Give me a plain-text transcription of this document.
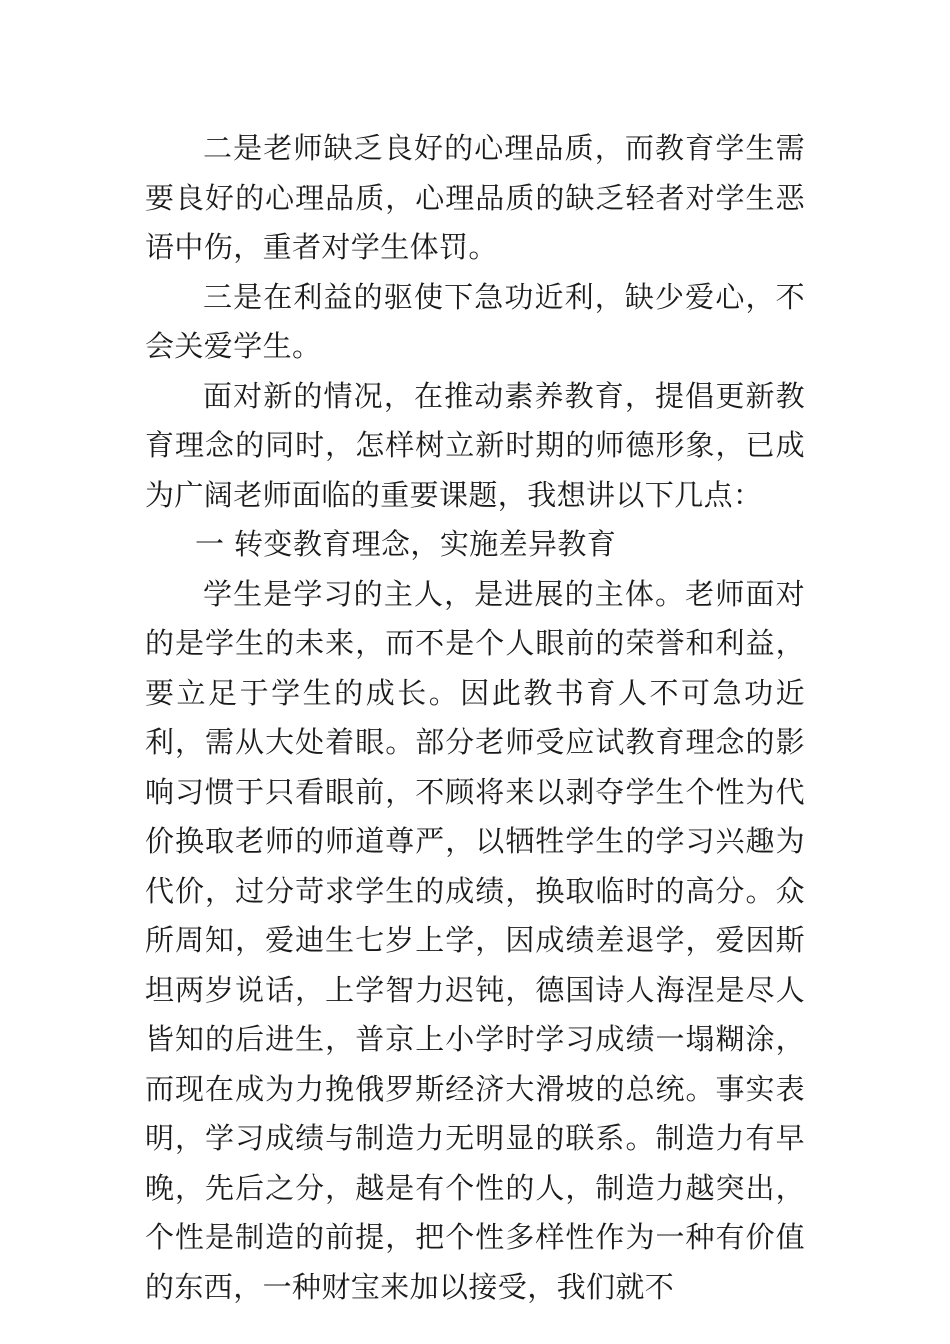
二是老师缺乏良好的心理品质，而教育学生需要良好的心理品质，心理品质的缺乏轻者对学生恶语中伤，重者对学生体罚。

三是在利益的驱使下急功近利，缺少爱心，不会关爱学生。

面对新的情况，在推动素养教育，提倡更新教育理念的同时，怎样树立新时期的师德形象，已成为广阔老师面临的重要课题，我想讲以下几点：

一 转变教育理念，实施差异教育

学生是学习的主人，是进展的主体。老师面对的是学生的未来，而不是个人眼前的荣誉和利益，要立足于学生的成长。因此教书育人不可急功近利，需从大处着眼。部分老师受应试教育理念的影响习惯于只看眼前，不顾将来以剥夺学生个性为代价换取老师的师道尊严，以牺牲学生的学习兴趣为代价，过分苛求学生的成绩，换取临时的高分。众所周知，爱迪生七岁上学，因成绩差退学，爱因斯坦两岁说话，上学智力迟钝，德国诗人海涅是尽人皆知的后进生，普京上小学时学习成绩一塌糊涂，而现在成为力挽俄罗斯经济大滑坡的总统。事实表明，学习成绩与制造力无明显的联系。制造力有早晚，先后之分，越是有个性的人，制造力越突出，个性是制造的前提，把个性多样性作为一种有价值的东西，一种财宝来加以接受，我们就不
